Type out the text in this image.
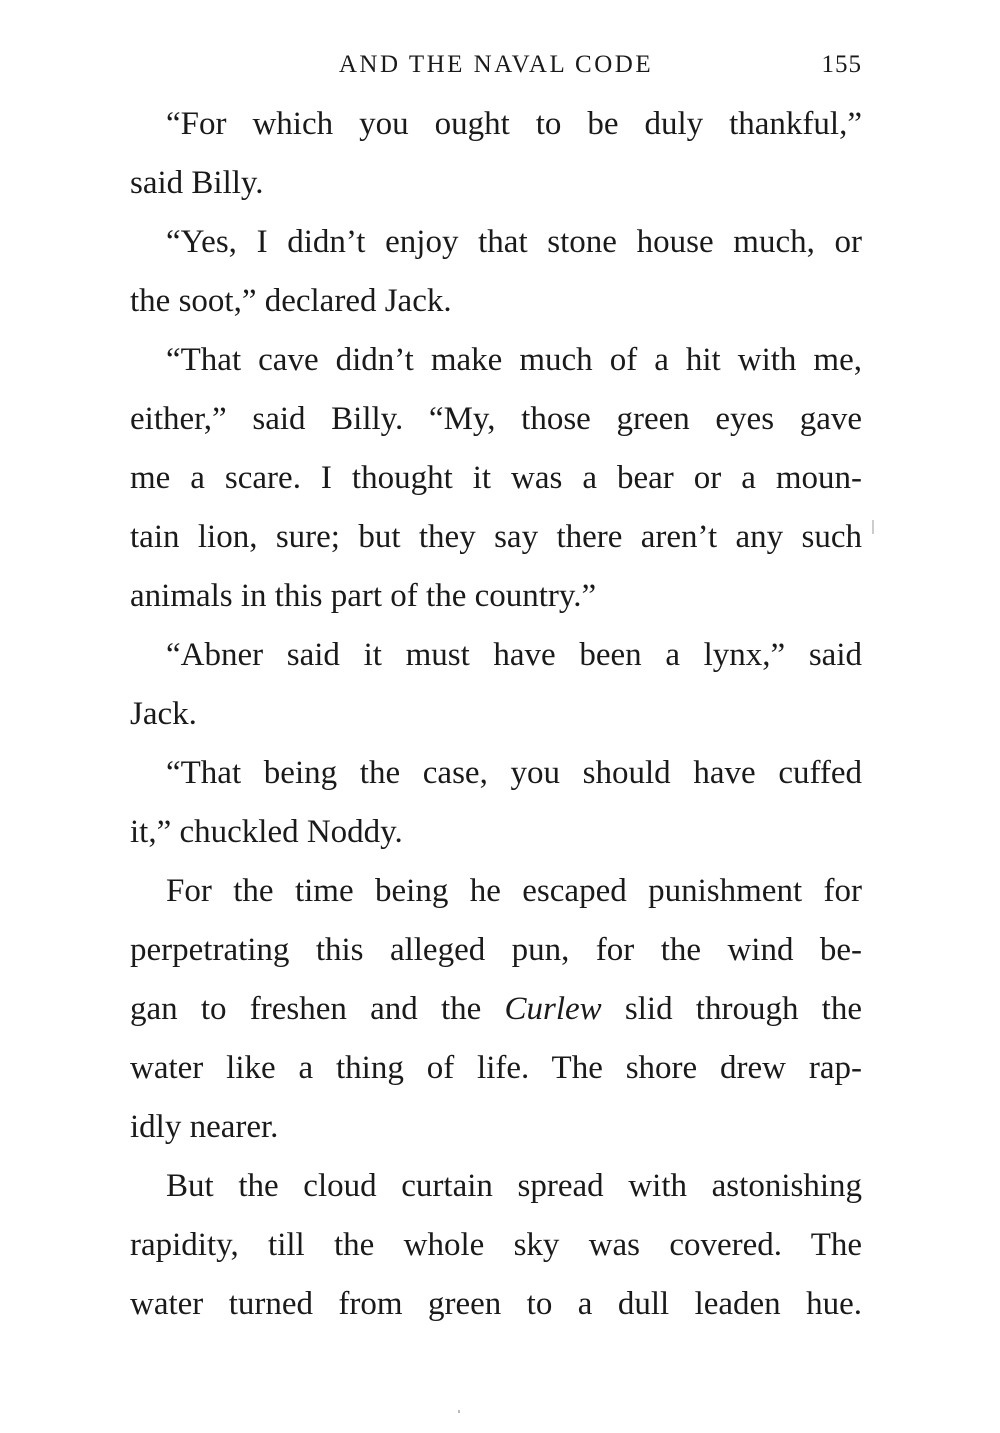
AND THE NAVAL CODE	155

“For which you ought to be duly thankful,”
said Billy.

“Yes, I didn’t enjoy that stone house much, or
the soot,” declared Jack.

“That cave didn’t make much of a hit with me,
either,” said Billy. “My, those green eyes gave
me a scare. I thought it was a bear or a moun-
tain lion, sure; but they say there aren’t any such
animals in this part of the country.”

“Abner said it must have been a lynx,” said
Jack.

“That being the case, you should have cuffed
it,” chuckled Noddy.

For the time being he escaped punishment for
perpetrating this alleged pun, for the wind be-
gan to freshen and the Curlew slid through the
water like a thing of life. The shore drew rap-
idly nearer.

But the cloud curtain spread with astonishing
rapidity, till the whole sky was covered. The
water turned from green to a dull leaden hue.
